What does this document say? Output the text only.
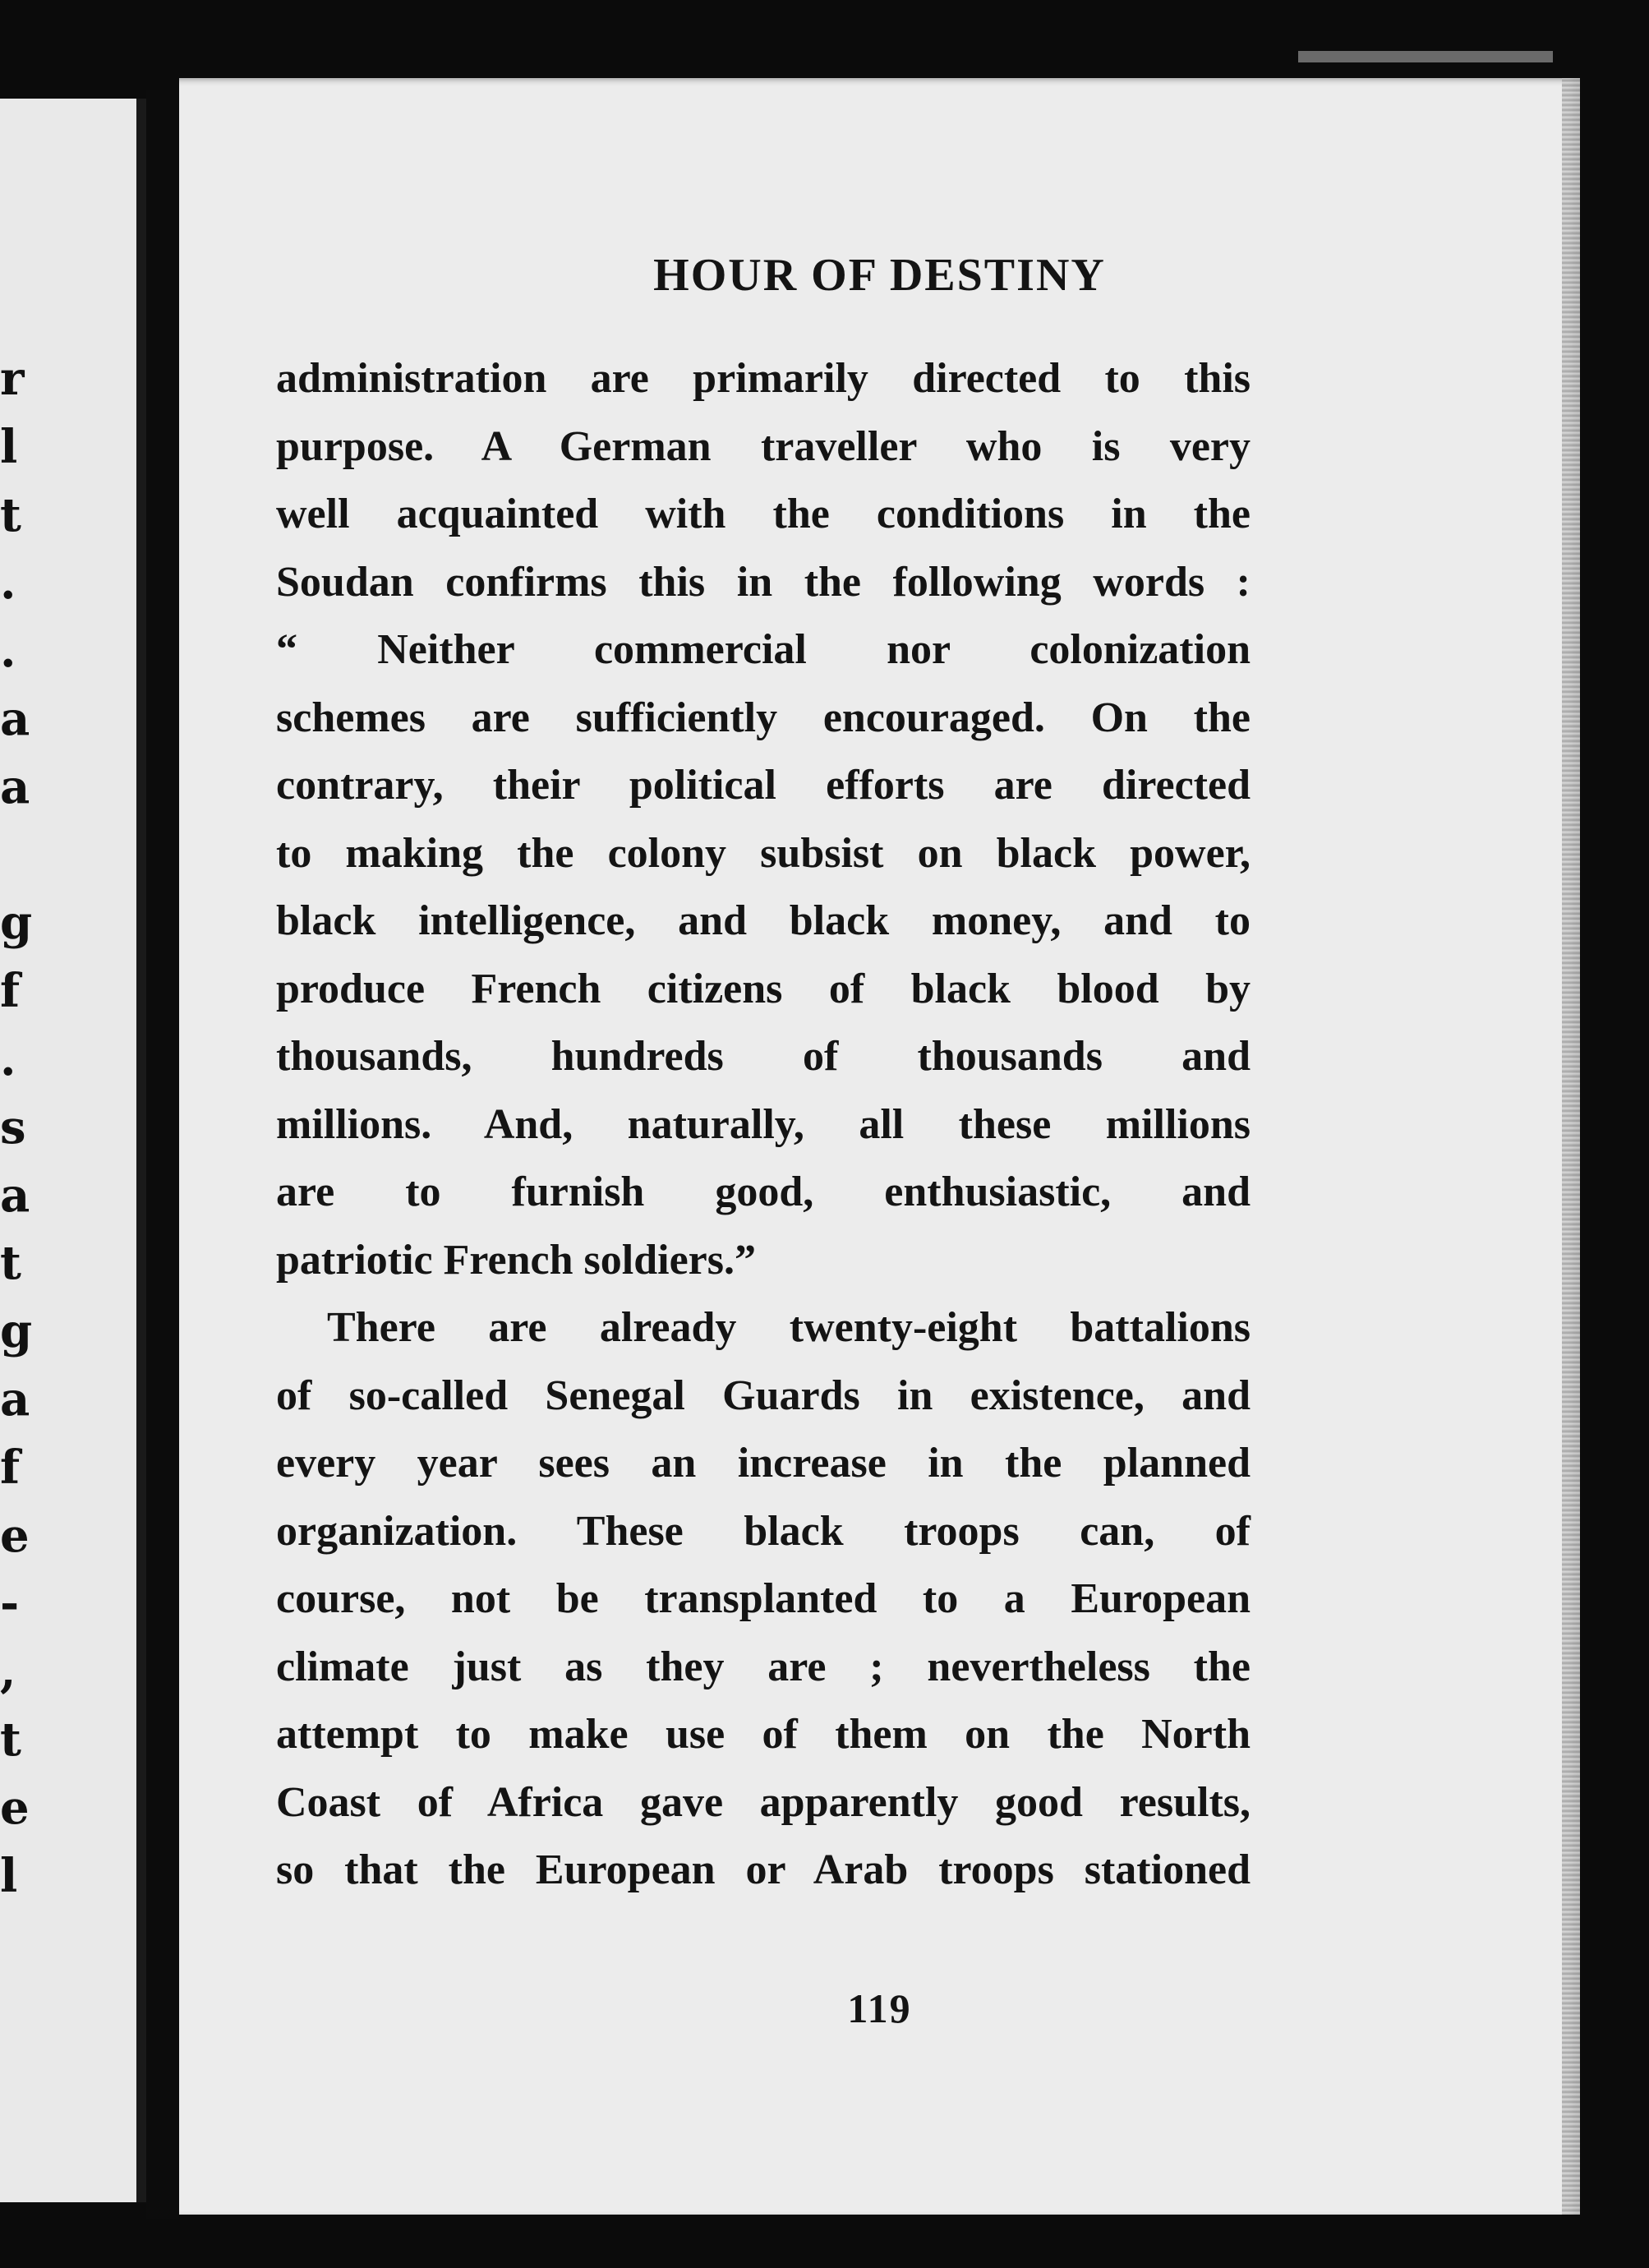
r
l
t
.
.
a
a
g
f
.
s
a
t
g
a
f
e
-
,
t
e
l
HOUR OF DESTINY
administration are primarily directed to this
purpose. A German traveller who is very
well acquainted with the conditions in the
Soudan confirms this in the following words :
“ Neither commercial nor colonization
schemes are sufficiently encouraged. On the
contrary, their political efforts are directed
to making the colony subsist on black power,
black intelligence, and black money, and to
produce French citizens of black blood by
thousands, hundreds of thousands and
millions. And, naturally, all these millions
are to furnish good, enthusiastic, and
patriotic French soldiers.”
There are already twenty-eight battalions
of so-called Senegal Guards in existence, and
every year sees an increase in the planned
organization. These black troops can, of
course, not be transplanted to a European
climate just as they are ; nevertheless the
attempt to make use of them on the North
Coast of Africa gave apparently good results,
so that the European or Arab troops stationed
119
